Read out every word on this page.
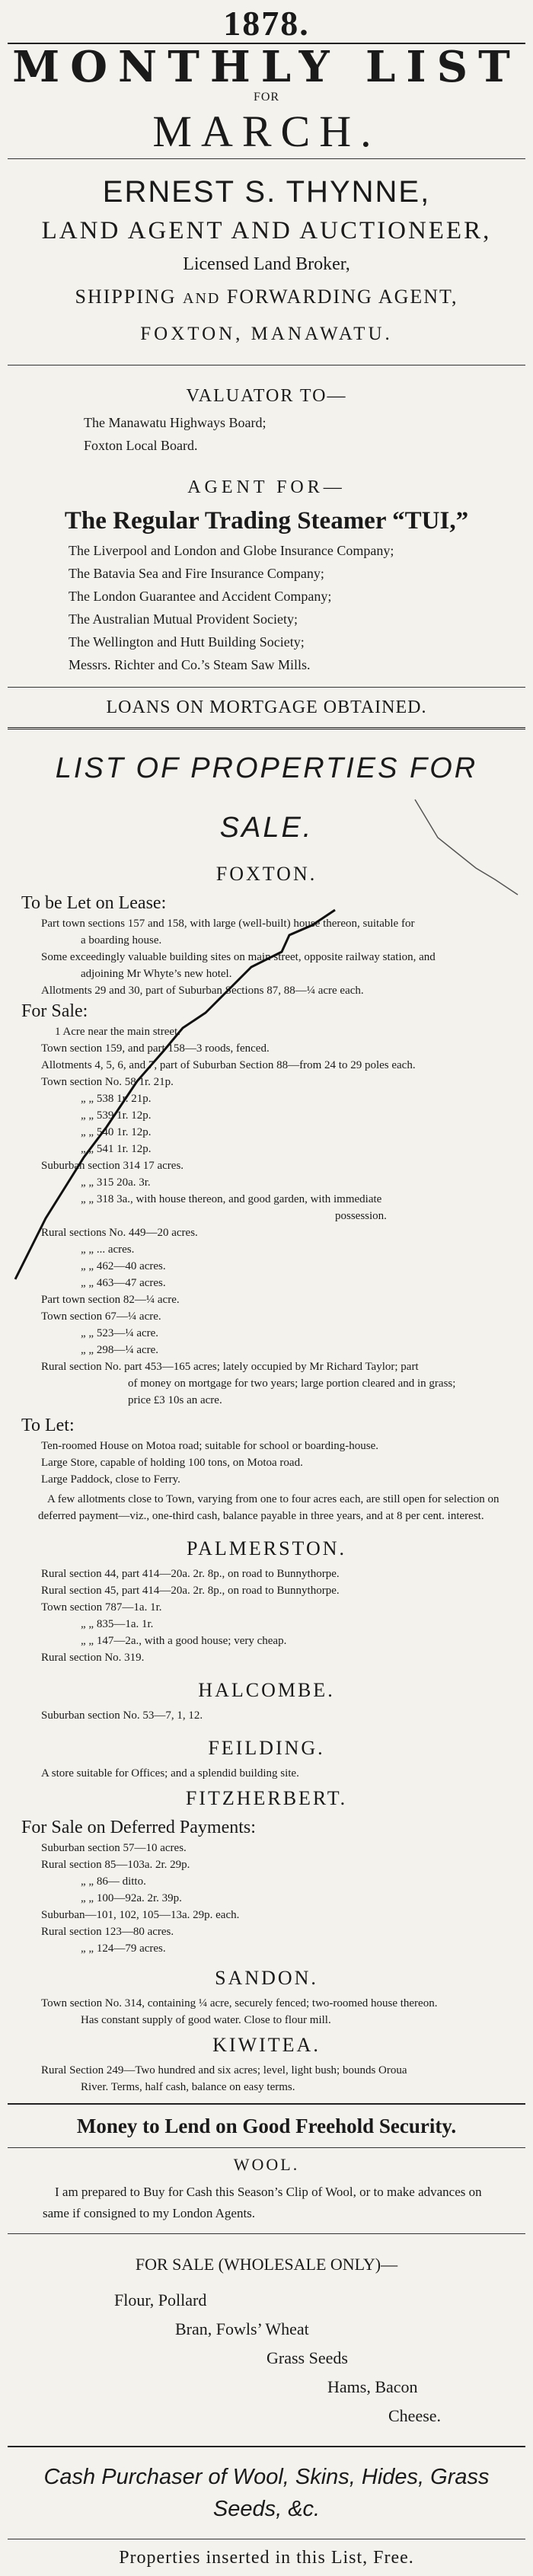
1878.
MONTHLY LIST
FOR
MARCH.
ERNEST S. THYNNE,
LAND AGENT AND AUCTIONEER,
Licensed Land Broker,
SHIPPING AND FORWARDING AGENT,
FOXTON, MANAWATU.
VALUATOR TO—
The Manawatu Highways Board;
Foxton Local Board.
AGENT FOR—
The Regular Trading Steamer “TUI,”
The Liverpool and London and Globe Insurance Company;
The Batavia Sea and Fire Insurance Company;
The London Guarantee and Accident Company;
The Australian Mutual Provident Society;
The Wellington and Hutt Building Society;
Messrs. Richter and Co.’s Steam Saw Mills.
LOANS ON MORTGAGE OBTAINED.
LIST OF PROPERTIES FOR SALE.
FOXTON.
To be Let on Lease:
Part town sections 157 and 158, with large (well-built) house thereon, suitable for
a boarding house.
Some exceedingly valuable building sites on main street, opposite railway station, and
adjoining Mr Whyte’s new hotel.
Allotments 29 and 30, part of Suburban Sections 87, 88—¼ acre each.
For Sale:
1 Acre near the main street.
Town section 159, and part 158—3 roods, fenced.
Allotments 4, 5, 6, and 7, part of Suburban Section 88—from 24 to 29 poles each.
Town section No. 58 1r. 21p.
„ „ 538 1r. 21p.
„ „ 539 1r. 12p.
„ „ 540 1r. 12p.
„ „ 541 1r. 12p.
Suburban section 314 17 acres.
„ „ 315 20a. 3r.
„ „ 318 3a., with house thereon, and good garden, with immediate
possession.
Rural sections No. 449—20 acres.
„ „ ... acres.
„ „ 462—40 acres.
„ „ 463—47 acres.
Part town section 82—¼ acre.
Town section 67—¼ acre.
„ „ 523—¼ acre.
„ „ 298—¼ acre.
Rural section No. part 453—165 acres; lately occupied by Mr Richard Taylor; part
of money on mortgage for two years; large portion cleared and in grass;
price £3 10s an acre.
To Let:
Ten-roomed House on Motoa road; suitable for school or boarding-house.
Large Store, capable of holding 100 tons, on Motoa road.
Large Paddock, close to Ferry.
A few allotments close to Town, varying from one to four acres each, are still open for selection on deferred payment—viz., one-third cash, balance payable in three years, and at 8 per cent. interest.
PALMERSTON.
Rural section 44, part 414—20a. 2r. 8p., on road to Bunnythorpe.
Rural section 45, part 414—20a. 2r. 8p., on road to Bunnythorpe.
Town section 787—1a. 1r.
„ „ 835—1a. 1r.
„ „ 147—2a., with a good house; very cheap.
Rural section No. 319.
HALCOMBE.
Suburban section No. 53—7, 1, 12.
FEILDING.
A store suitable for Offices; and a splendid building site.
FITZHERBERT.
For Sale on Deferred Payments:
Suburban section 57—10 acres.
Rural section 85—103a. 2r. 29p.
„ „ 86— ditto.
„ „ 100—92a. 2r. 39p.
Suburban—101, 102, 105—13a. 29p. each.
Rural section 123—80 acres.
„ „ 124—79 acres.
SANDON.
Town section No. 314, containing ¼ acre, securely fenced; two-roomed house thereon.
Has constant supply of good water. Close to flour mill.
KIWITEA.
Rural Section 249—Two hundred and six acres; level, light bush; bounds Oroua
River. Terms, half cash, balance on easy terms.
Money to Lend on Good Freehold Security.
WOOL.
I am prepared to Buy for Cash this Season’s Clip of Wool, or to make advances on same if consigned to my London Agents.
FOR SALE (WHOLESALE ONLY)—
Flour, Pollard
Bran, Fowls’ Wheat
Grass Seeds
Hams, Bacon
Cheese.
Cash Purchaser of Wool, Skins, Hides, Grass Seeds, &c.
Properties inserted in this List, Free.
